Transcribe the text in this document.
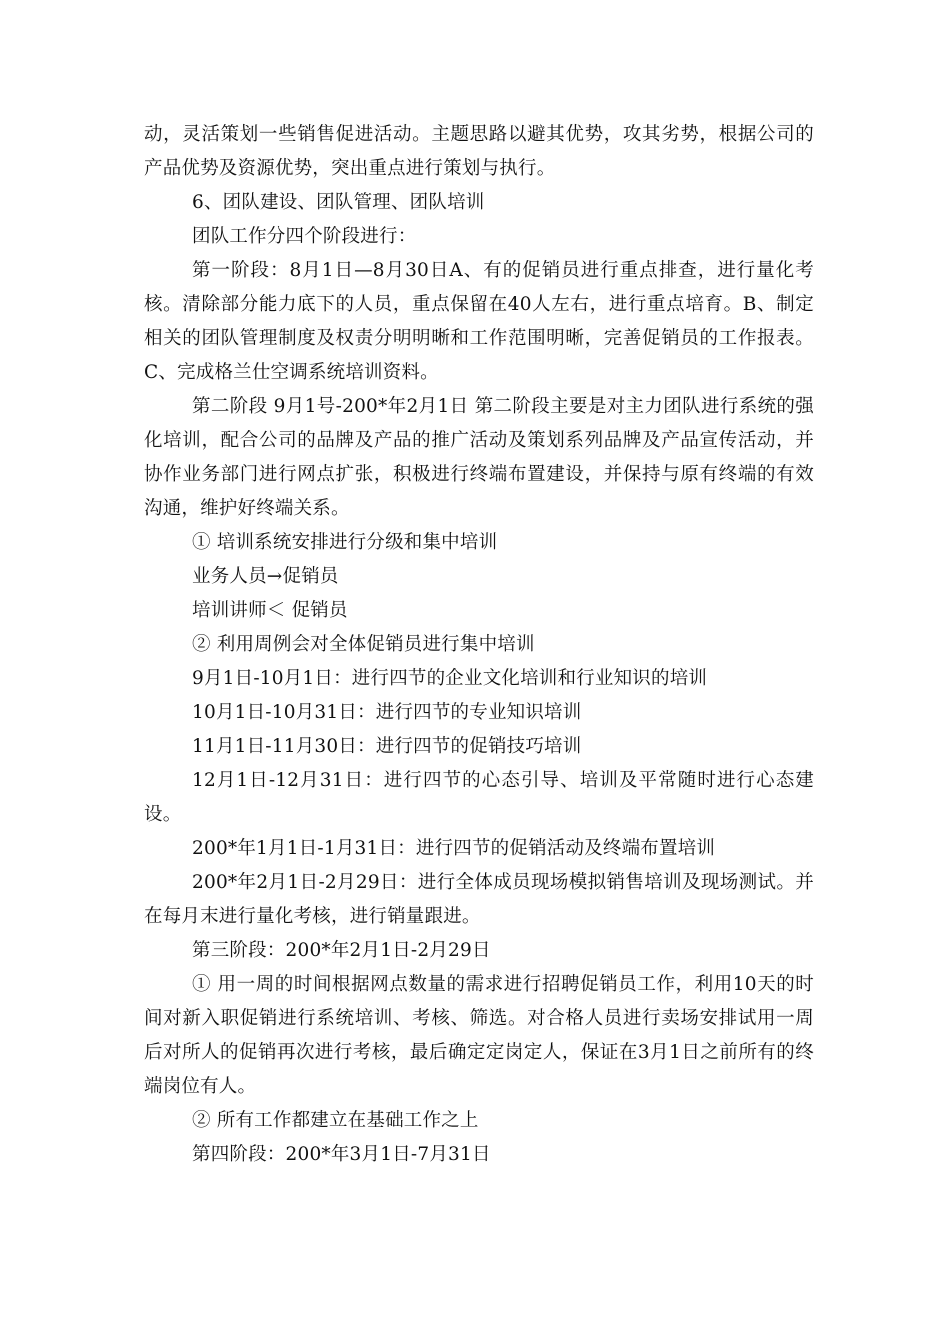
动，灵活策划一些销售促进活动。主题思路以避其优势，攻其劣势，根据公司的产品优势及资源优势，突出重点进行策划与执行。

6、团队建设、团队管理、团队培训

团队工作分四个阶段进行：

第一阶段：8月1日—8月30日A、有的促销员进行重点排查，进行量化考核。清除部分能力底下的人员，重点保留在40人左右，进行重点培育。B、制定相关的团队管理制度及权责分明明晰和工作范围明晰，完善促销员的工作报表。C、完成格兰仕空调系统培训资料。

第二阶段 9月1号-200*年2月1日 第二阶段主要是对主力团队进行系统的强化培训，配合公司的品牌及产品的推广活动及策划系列品牌及产品宣传活动，并协作业务部门进行网点扩张，积极进行终端布置建设，并保持与原有终端的有效沟通，维护好终端关系。

① 培训系统安排进行分级和集中培训

业务人员→促销员

培训讲师＜ 促销员

② 利用周例会对全体促销员进行集中培训

9月1日-10月1日：进行四节的企业文化培训和行业知识的培训

10月1日-10月31日：进行四节的专业知识培训

11月1日-11月30日：进行四节的促销技巧培训

12月1日-12月31日：进行四节的心态引导、培训及平常随时进行心态建设。

200*年1月1日-1月31日：进行四节的促销活动及终端布置培训

200*年2月1日-2月29日：进行全体成员现场模拟销售培训及现场测试。并在每月末进行量化考核，进行销量跟进。

第三阶段：200*年2月1日-2月29日

① 用一周的时间根据网点数量的需求进行招聘促销员工作，利用10天的时间对新入职促销进行系统培训、考核、筛选。对合格人员进行卖场安排试用一周后对所人的促销再次进行考核，最后确定定岗定人，保证在3月1日之前所有的终端岗位有人。

② 所有工作都建立在基础工作之上

第四阶段：200*年3月1日-7月31日
